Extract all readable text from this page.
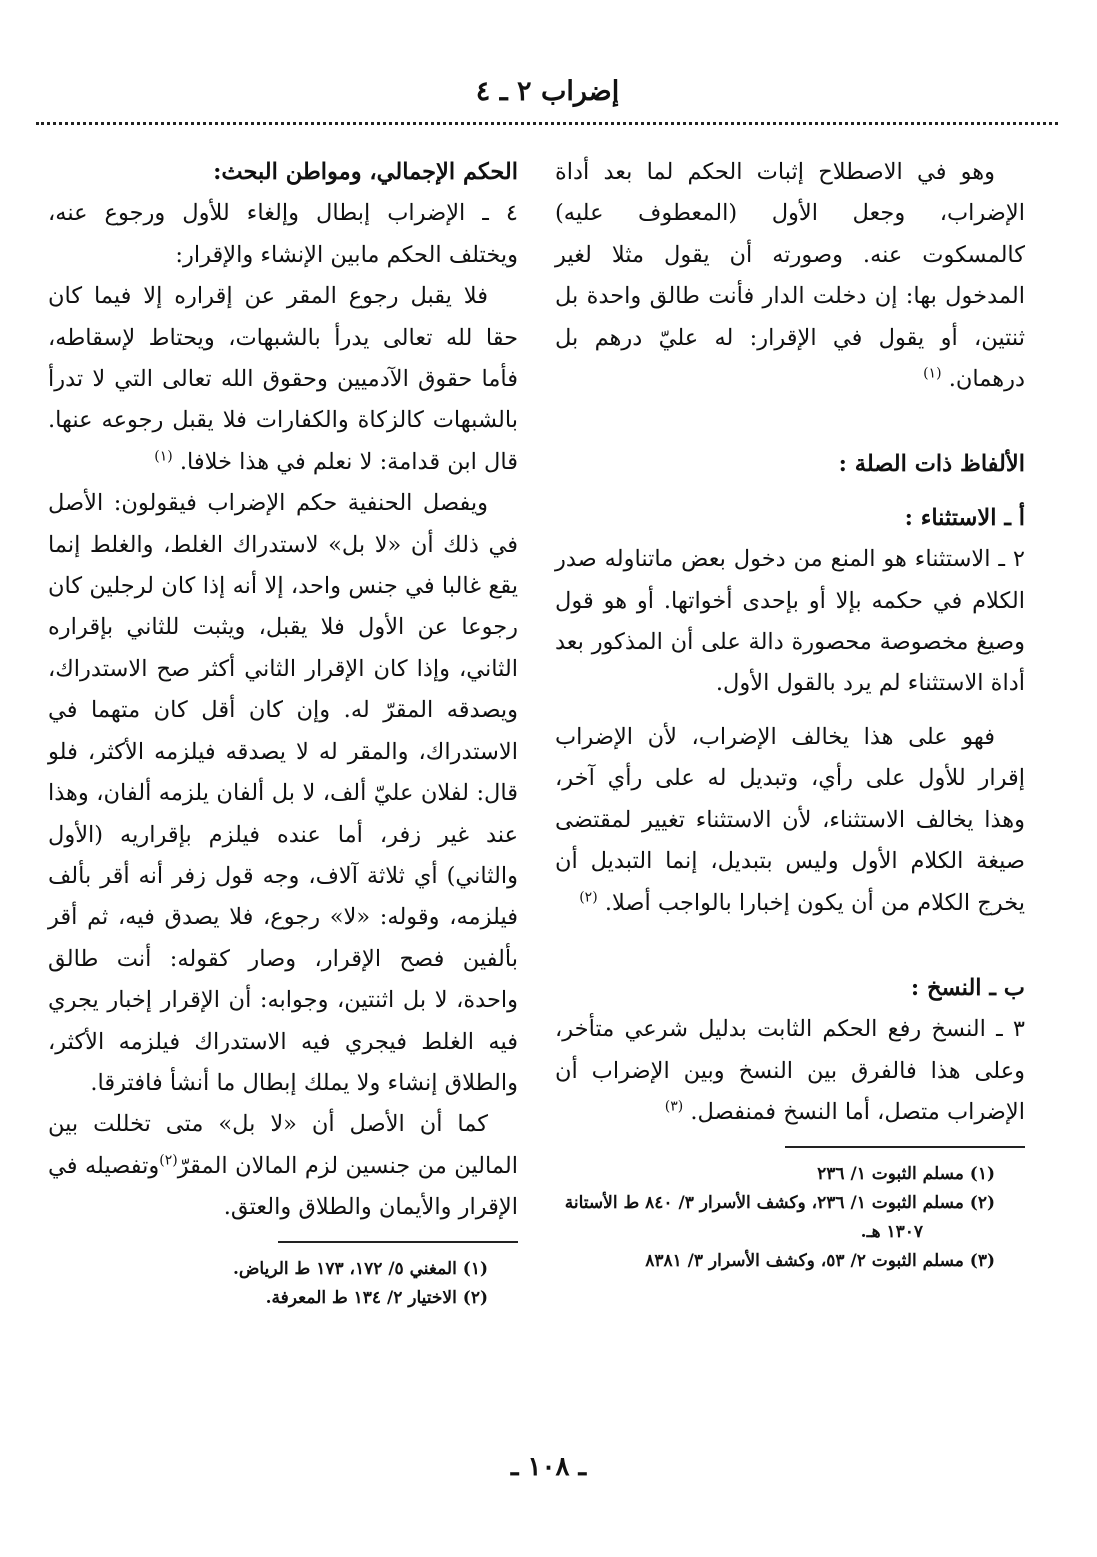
إضراب ٢ ـ ٤

وهو في الاصطلاح إثبات الحكم لما بعد أداة الإضراب، وجعل الأول (المعطوف عليه) كالمسكوت عنه. وصورته أن يقول مثلا لغير المدخول بها: إن دخلت الدار فأنت طالق واحدة بل ثنتين، أو يقول في الإقرار: له عليّ درهم بل درهمان. $^{(١)}$

الألفاظ ذات الصلة :

أ ـ الاستثناء :

٢ ـ الاستثناء هو المنع من دخول بعض ماتناوله صدر الكلام في حكمه بإلا أو بإحدى أخواتها. أو هو قول وصيغ مخصوصة محصورة دالة على أن المذكور بعد أداة الاستثناء لم يرد بالقول الأول.

فهو على هذا يخالف الإضراب، لأن الإضراب إقرار للأول على رأي، وتبديل له على رأي آخر، وهذا يخالف الاستثناء، لأن الاستثناء تغيير لمقتضى صيغة الكلام الأول وليس بتبديل، إنما التبديل أن يخرج الكلام من أن يكون إخبارا بالواجب أصلا. $^{(٢)}$

ب ـ النسخ :

٣ ـ النسخ رفع الحكم الثابت بدليل شرعي متأخر، وعلى هذا فالفرق بين النسخ وبين الإضراب أن الإضراب متصل، أما النسخ فمنفصل. $^{(٣)}$

(١) مسلم الثبوت ١/ ٢٣٦

(٢) مسلم الثبوت ١/ ٢٣٦، وكشف الأسرار ٣/ ٨٤٠ ط الأستانة

١٣٠٧ هـ.

(٣) مسلم الثبوت ٢/ ٥٣، وكشف الأسرار ٣/ ٨٣٨١

الحكم الإجمالي، ومواطن البحث:

٤ ـ الإضراب إبطال وإلغاء للأول ورجوع عنه، ويختلف الحكم مابين الإنشاء والإقرار:

فلا يقبل رجوع المقر عن إقراره إلا فيما كان حقا لله تعالى يدرأ بالشبهات، ويحتاط لإسقاطه، فأما حقوق الآدميين وحقوق الله تعالى التي لا تدرأ بالشبهات كالزكاة والكفارات فلا يقبل رجوعه عنها. قال ابن قدامة: لا نعلم في هذا خلافا. $^{(١)}$

ويفصل الحنفية حكم الإضراب فيقولون: الأصل في ذلك أن «لا بل» لاستدراك الغلط، والغلط إنما يقع غالبا في جنس واحد، إلا أنه إذا كان لرجلين كان رجوعا عن الأول فلا يقبل، ويثبت للثاني بإقراره الثاني، وإذا كان الإقرار الثاني أكثر صح الاستدراك، ويصدقه المقرّ له. وإن كان أقل كان متهما في الاستدراك، والمقر له لا يصدقه فيلزمه الأكثر، فلو قال: لفلان عليّ ألف، لا بل ألفان يلزمه ألفان، وهذا عند غير زفر، أما عنده فيلزم بإقراريه (الأول والثاني) أي ثلاثة آلاف، وجه قول زفر أنه أقر بألف فيلزمه، وقوله: «لا» رجوع، فلا يصدق فيه، ثم أقر بألفين فصح الإقرار، وصار كقوله: أنت طالق واحدة، لا بل اثنتين، وجوابه: أن الإقرار إخبار يجري فيه الغلط فيجري فيه الاستدراك فيلزمه الأكثر، والطلاق إنشاء ولا يملك إبطال ما أنشأ فافترقا.

كما أن الأصل أن «لا بل» متى تخللت بين المالين من جنسين لزم المالان المقرّ$^{(٢)}$وتفصيله في الإقرار والأيمان والطلاق والعتق.

(١) المغني ٥/ ١٧٢، ١٧٣ ط الرياض.

(٢) الاختيار ٢/ ١٣٤ ط المعرفة.

ـ ١٠٨ ـ
